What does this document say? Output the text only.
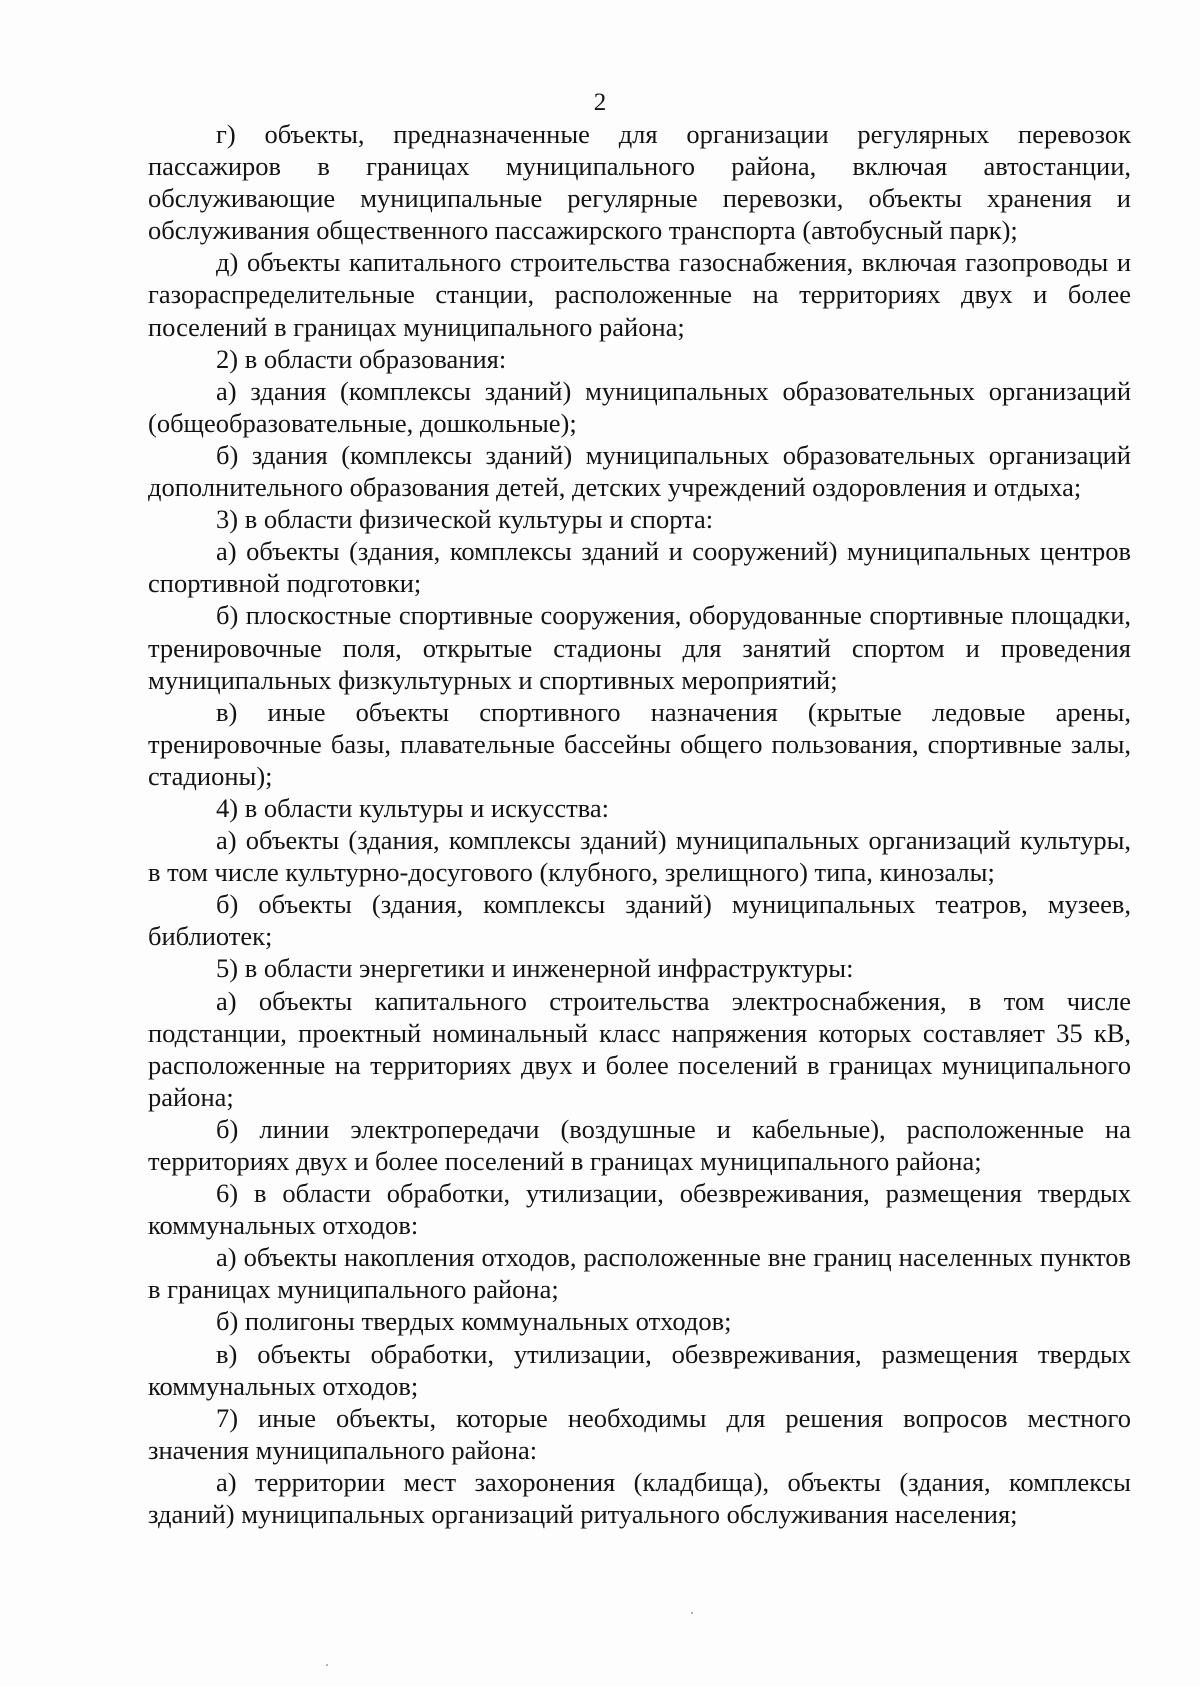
2

г) объекты, предназначенные для организации регулярных перевозок пассажиров в границах муниципального района, включая автостанции, обслуживающие муниципальные регулярные перевозки, объекты хранения и обслуживания общественного пассажирского транспорта (автобусный парк);

д) объекты капитального строительства газоснабжения, включая газопроводы и газораспределительные станции, расположенные на территориях двух и более поселений в границах муниципального района;

2) в области образования:

а) здания (комплексы зданий) муниципальных образовательных организаций (общеобразовательные, дошкольные);

б) здания (комплексы зданий) муниципальных образовательных организаций дополнительного образования детей, детских учреждений оздоровления и отдыха;

3) в области физической культуры и спорта:

а) объекты (здания, комплексы зданий и сооружений) муниципальных центров спортивной подготовки;

б) плоскостные спортивные сооружения, оборудованные спортивные площадки, тренировочные поля, открытые стадионы для занятий спортом и проведения муниципальных физкультурных и спортивных мероприятий;

в) иные объекты спортивного назначения (крытые ледовые арены, тренировочные базы, плавательные бассейны общего пользования, спортивные залы, стадионы);

4) в области культуры и искусства:

а) объекты (здания, комплексы зданий) муниципальных организаций культуры, в том числе культурно-досугового (клубного, зрелищного) типа, кинозалы;

б) объекты (здания, комплексы зданий) муниципальных театров, музеев, библиотек;

5) в области энергетики и инженерной инфраструктуры:

а) объекты капитального строительства электроснабжения, в том числе подстанции, проектный номинальный класс напряжения которых составляет 35 кВ, расположенные на территориях двух и более поселений в границах муниципального района;

б) линии электропередачи (воздушные и кабельные), расположенные на территориях двух и более поселений в границах муниципального района;

6) в области обработки, утилизации, обезвреживания, размещения твердых коммунальных отходов:

а) объекты накопления отходов, расположенные вне границ населенных пунктов в границах муниципального района;

б) полигоны твердых коммунальных отходов;

в) объекты обработки, утилизации, обезвреживания, размещения твердых коммунальных отходов;

7) иные объекты, которые необходимы для решения вопросов местного значения муниципального района:

а) территории мест захоронения (кладбища), объекты (здания, комплексы зданий) муниципальных организаций ритуального обслуживания населения;
